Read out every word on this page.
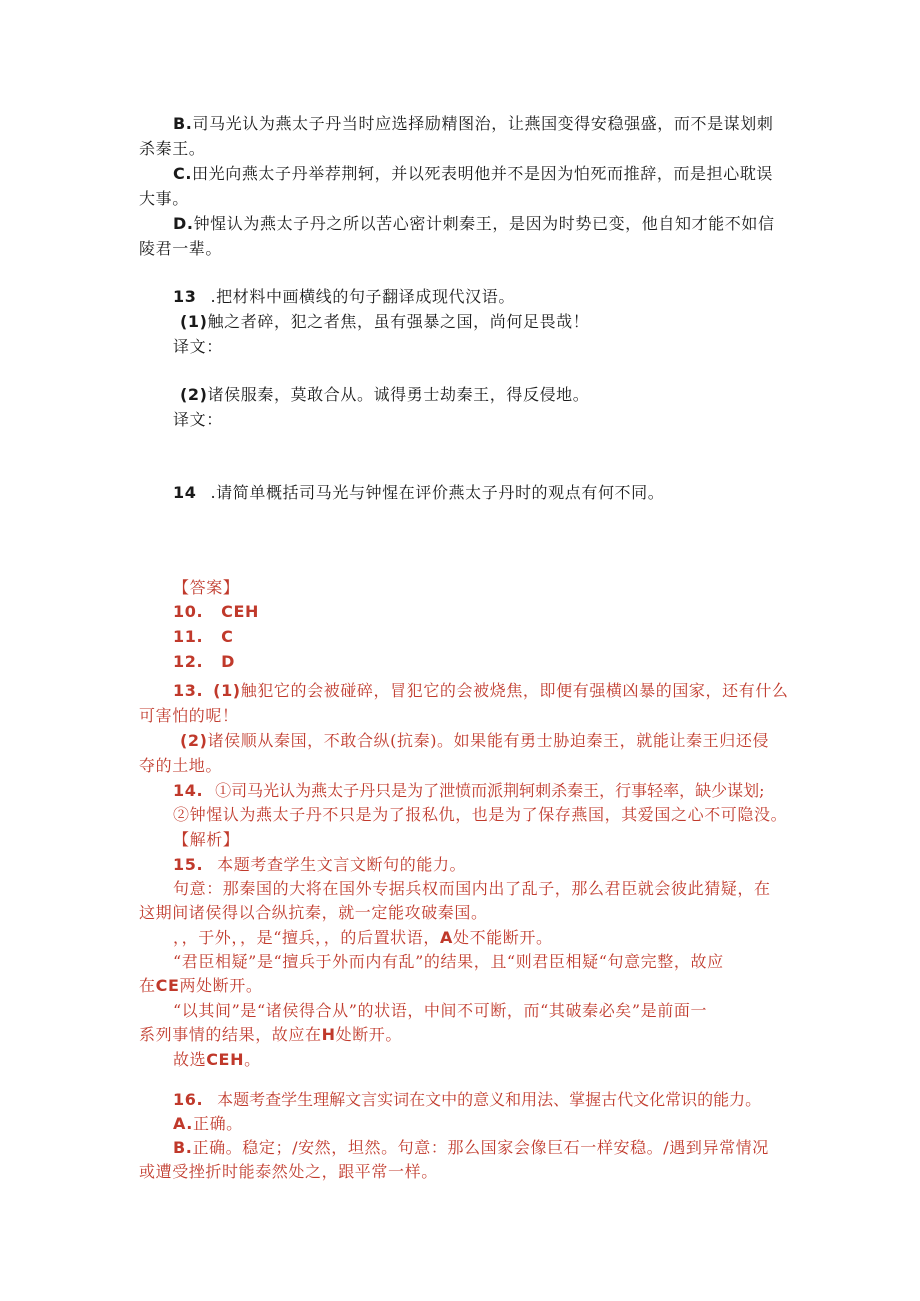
B.司马光认为燕太子丹当时应选择励精图治，让燕国变得安稳强盛，而不是谋划刺
杀秦王。
C.田光向燕太子丹举荐荆轲，并以死表明他并不是因为怕死而推辞，而是担心耽误
大事。
D.钟惺认为燕太子丹之所以苦心密计刺秦王，是因为时势已变，他自知才能不如信
陵君一辈。
13 .把材料中画横线的句子翻译成现代汉语。
(1)触之者碎，犯之者焦，虽有强暴之国，尚何足畏哉！
译文：
(2)诸侯服秦，莫敢合从。诚得勇士劫秦王，得反侵地。
译文：
14 .请简单概括司马光与钟惺在评价燕太子丹时的观点有何不同。
【答案】
10. CEH
11. C
12. D
13. (1)触犯它的会被碰碎，冒犯它的会被烧焦，即便有强横凶暴的国家，还有什么
可害怕的呢！
(2)诸侯顺从秦国，不敢合纵(抗秦)。如果能有勇士胁迫秦王，就能让秦王归还侵
夺的土地。
14. ①司马光认为燕太子丹只是为了泄愤而派荆轲刺杀秦王，行事轻率，缺少谋划;
②钟惺认为燕太子丹不只是为了报私仇，也是为了保存燕国，其爱国之心不可隐没。
【解析】
15. 本题考查学生文言文断句的能力。
句意：那秦国的大将在国外专据兵权而国内出了乱子，那么君臣就会彼此猜疑，在
这期间诸侯得以合纵抗秦，就一定能攻破秦国。
，，于外，，是“擅兵，，的后置状语，A处不能断开。
“君臣相疑”是“擅兵于外而内有乱”的结果，且“则君臣相疑“句意完整，故应
在CE两处断开。
“以其间”是“诸侯得合从”的状语，中间不可断，而“其破秦必矣”是前面一
系列事情的结果，故应在H处断开。
故选CEH。
16. 本题考查学生理解文言实词在文中的意义和用法、掌握古代文化常识的能力。
A.正确。
B.正确。稳定；/安然，坦然。句意：那么国家会像巨石一样安稳。/遇到异常情况
或遭受挫折时能泰然处之，跟平常一样。
